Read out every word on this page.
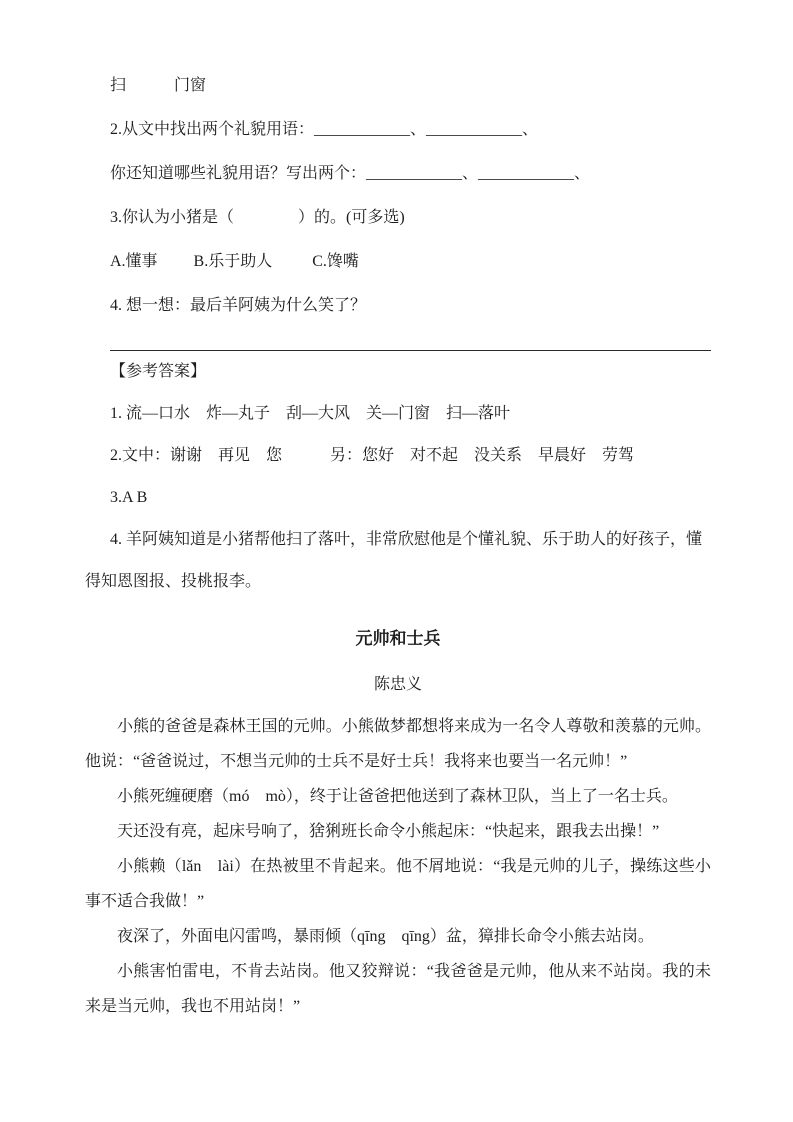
扫　　　门窗
2.从文中找出两个礼貌用语：____________、____________、
你还知道哪些礼貌用语？写出两个：____________、____________、
3.你认为小猪是（　　　　）的。(可多选)
A.懂事　　 B.乐于助人　　  C.馋嘴
4. 想一想：最后羊阿姨为什么笑了？
【参考答案】
1. 流—口水　炸—丸子　刮—大风　关—门窗　扫—落叶
2.文中：谢谢　再见　您　　　另：您好　对不起　没关系　早晨好　劳驾
3.A B
4. 羊阿姨知道是小猪帮他扫了落叶，非常欣慰他是个懂礼貌、乐于助人的好孩子，懂得知恩图报、投桃报李。
元帅和士兵
陈忠义

小熊的爸爸是森林王国的元帅。小熊做梦都想将来成为一名令人尊敬和羡慕的元帅。他说：“爸爸说过，不想当元帅的士兵不是好士兵！我将来也要当一名元帅！”

小熊死缠硬磨（mó　mò），终于让爸爸把他送到了森林卫队，当上了一名士兵。

天还没有亮，起床号响了，猞猁班长命令小熊起床：“快起来，跟我去出操！”

小熊赖（lǎn　lài）在热被里不肯起来。他不屑地说：“我是元帅的儿子，操练这些小事不适合我做！”

夜深了，外面电闪雷鸣，暴雨倾（qīng　qīng）盆，獐排长命令小熊去站岗。

小熊害怕雷电，不肯去站岗。他又狡辩说：“我爸爸是元帅，他从来不站岗。我的未来是当元帅，我也不用站岗！”
